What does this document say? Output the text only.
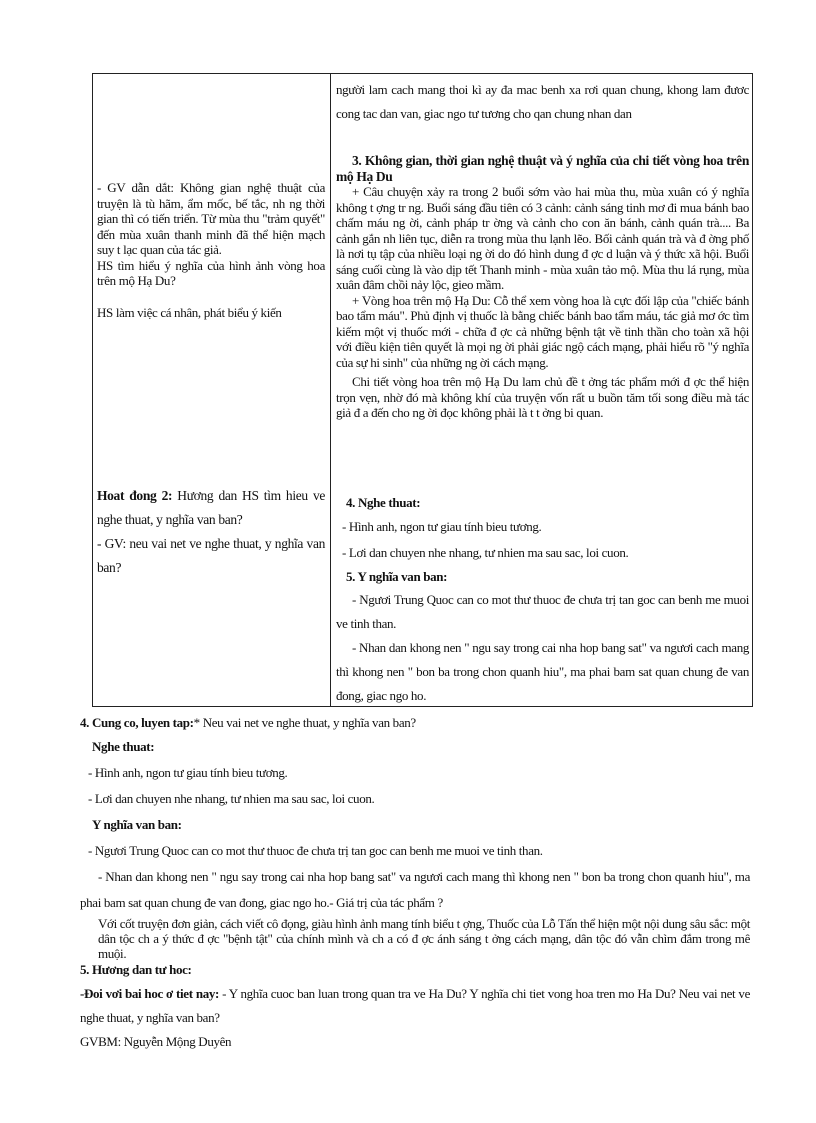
người lam cach mang thoi kì ay đa mac benh xa rơi quan chung, khong lam đươc cong tac dan van, giac ngo tư tương cho qan chung nhan dan

- GV dẫn dắt: Không gian nghệ thuật của truyện là tù hãm, ẩm mốc, bế tắc, nh ng thời gian thì có tiến triển. Từ mùa thu "trảm quyết" đến mùa xuân thanh minh đã thể hiện mạch suy t lạc quan của tác giả.

HS tìm hiểu ý nghĩa của hình ảnh vòng hoa trên mộ Hạ Du?

HS làm việc cá nhân, phát biểu ý kiến

3. Không gian, thời gian nghệ thuật và ý nghĩa của chi tiết vòng hoa trên mộ Hạ Du

+ Câu chuyện xảy ra trong 2 buổi sớm vào hai mùa thu, mùa xuân có ý nghĩa không t ợng tr ng. Buổi sáng đầu tiên có 3 cảnh: cảnh sáng tinh mơ đi mua bánh bao chấm máu ng ời, cảnh pháp tr ờng và cảnh cho con ăn bánh, cảnh quán trà.... Ba cảnh gắn nh liên tục, diễn ra trong mùa thu lạnh lẽo. Bối cảnh quán trà và đ ờng phố là nơi tụ tập của nhiều loại ng ời do đó hình dung đ ợc d luận và ý thức xã hội. Buổi sáng cuối cùng là vào dịp tết Thanh minh - mùa xuân tảo mộ. Mùa thu lá rụng, mùa xuân đâm chồi nảy lộc, gieo mầm.

+ Vòng hoa trên mộ Hạ Du: Cỗ thể xem vòng hoa là cực đối lập của "chiếc bánh bao tẩm máu". Phủ định vị thuốc là bằng chiếc bánh bao tẩm máu, tác giả mơ ớc tìm kiếm một vị thuốc mới - chữa đ ợc cả những bệnh tật về tinh thần cho toàn xã hội với điều kiện tiên quyết là mọi ng ời phải giác ngộ cách mạng, phải hiểu rõ "ý nghĩa của sự hi sinh" của những ng ời cách mạng.

Chi tiết vòng hoa trên mộ Hạ Du lam chủ đề t ởng tác phẩm mới đ ợc thể hiện trọn vẹn, nhờ đó mà không khí của truyện vốn rất u buồn tăm tối song điều mà tác giả đ a đến cho ng ời đọc không phải là t t ởng bi quan.

Hoat đong 2: Hương dan HS tìm hieu ve nghe thuat, y nghĩa van ban?

- GV: neu vai net ve nghe thuat, y nghĩa van ban?

4. Nghe thuat:

- Hình anh, ngon tư giau tính bieu tương.

- Lơi dan chuyen nhe nhang, tư nhien ma sau sac, loi cuon.

5. Y nghĩa van ban:

- Ngươi Trung Quoc can co mot thư thuoc đe chưa trị tan goc can benh me muoi ve tinh than.

- Nhan dan khong nen " ngu say trong cai nha hop bang sat" va ngươi cach mang thì khong nen " bon ba trong chon quanh hiu", ma phai bam sat quan chung đe van đong, giac ngo ho.

4. Cung co, luyen tap:* Neu vai net ve nghe thuat, y nghĩa van ban?

Nghe thuat:

- Hình anh, ngon tư giau tính bieu tương.

- Lơi dan chuyen nhe nhang, tư nhien ma sau sac, loi cuon.

Y nghĩa van ban:

- Ngươi Trung Quoc can co mot thư thuoc đe chưa trị tan goc can benh me muoi ve tinh than.

- Nhan dan khong nen " ngu say trong cai nha hop bang sat" va ngươi cach mang thì khong nen " bon ba trong chon quanh hiu", ma phai bam sat quan chung đe van đong, giac ngo ho.- Giá trị của tác phẩm ?

Với cốt truyện đơn giản, cách viết cô đọng, giàu hình ảnh mang tính biểu t ợng, Thuốc của Lỗ Tấn thể hiện một nội dung sâu sắc: một dân tộc ch a ý thức đ ợc "bệnh tật" của chính mình và ch a có đ ợc ánh sáng t ởng cách mạng, dân tộc đó vẫn chìm đắm trong mê muội.

5. Hương dan tư hoc:

-Đoi vơi bai hoc ơ tiet nay: - Y nghĩa cuoc ban luan trong quan tra ve Ha Du? Y nghĩa chi tiet vong hoa tren mo Ha Du? Neu vai net ve nghe thuat, y nghĩa van ban?

GVBM: Nguyễn Mộng Duyên
